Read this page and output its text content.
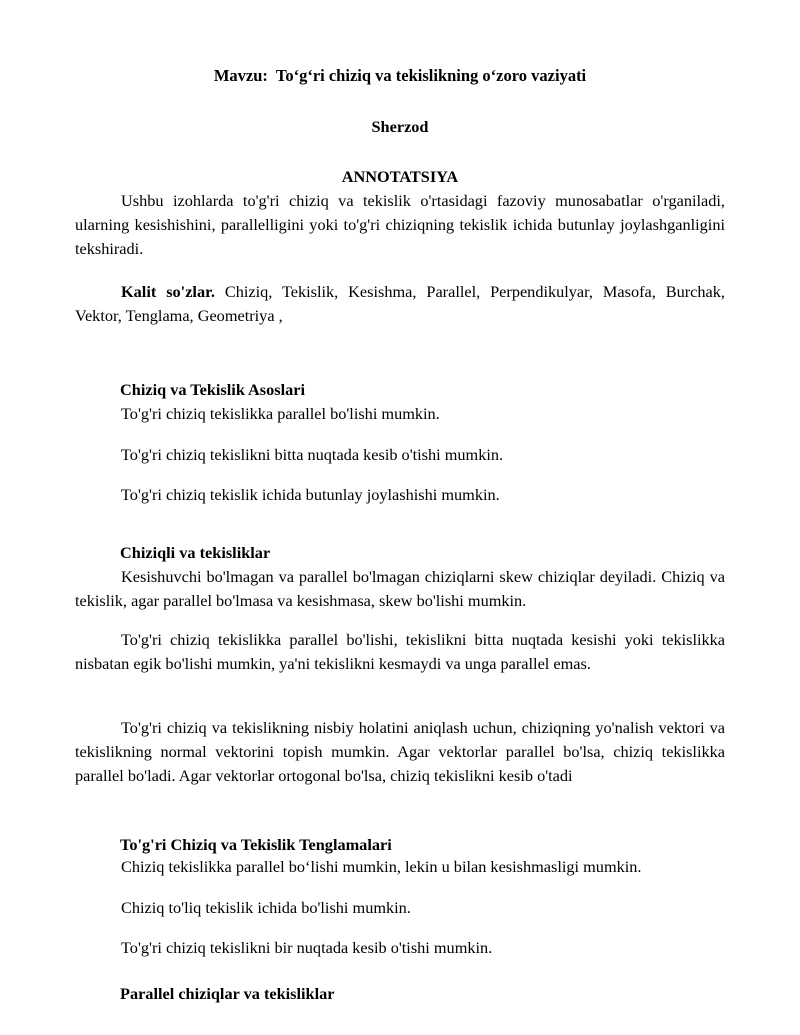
Mavzu:  To‘g‘ri chiziq va tekislikning o‘zoro vaziyati
Sherzod
ANNOTATSIYA

Ushbu izohlarda to'g'ri chiziq va tekislik o'rtasidagi fazoviy munosabatlar o'rganiladi, ularning kesishishini, parallelligini yoki to'g'ri chiziqning tekislik ichida butunlay joylashganligini tekshiradi.

Kalit so'zlar. Chiziq, Tekislik, Kesishma, Parallel, Perpendikulyar, Masofa, Burchak, Vektor, Tenglama, Geometriya ,

Chiziq va Tekislik Asoslari
To'g'ri chiziq tekislikka parallel bo'lishi mumkin.
To'g'ri chiziq tekislikni bitta nuqtada kesib o'tishi mumkin.
To'g'ri chiziq tekislik ichida butunlay joylashishi mumkin.
Chiziqli va tekisliklar

Kesishuvchi bo'lmagan va parallel bo'lmagan chiziqlarni skew chiziqlar deyiladi. Chiziq va tekislik, agar parallel bo'lmasa va kesishmasa, skew bo'lishi mumkin.

To'g'ri chiziq tekislikka parallel bo'lishi, tekislikni bitta nuqtada kesishi yoki tekislikka nisbatan egik bo'lishi mumkin, ya'ni tekislikni kesmaydi va unga parallel emas.

To'g'ri chiziq va tekislikning nisbiy holatini aniqlash uchun, chiziqning yo'nalish vektori va tekislikning normal vektorini topish mumkin. Agar vektorlar parallel bo'lsa, chiziq tekislikka parallel bo'ladi. Agar vektorlar ortogonal bo'lsa, chiziq tekislikni kesib o'tadi

To'g'ri Chiziq va Tekislik Tenglamalari
Chiziq tekislikka parallel bo‘lishi mumkin, lekin u bilan kesishmasligi mumkin.
Chiziq to'liq tekislik ichida bo'lishi mumkin.
To'g'ri chiziq tekislikni bir nuqtada kesib o'tishi mumkin.
Parallel chiziqlar va tekisliklar
